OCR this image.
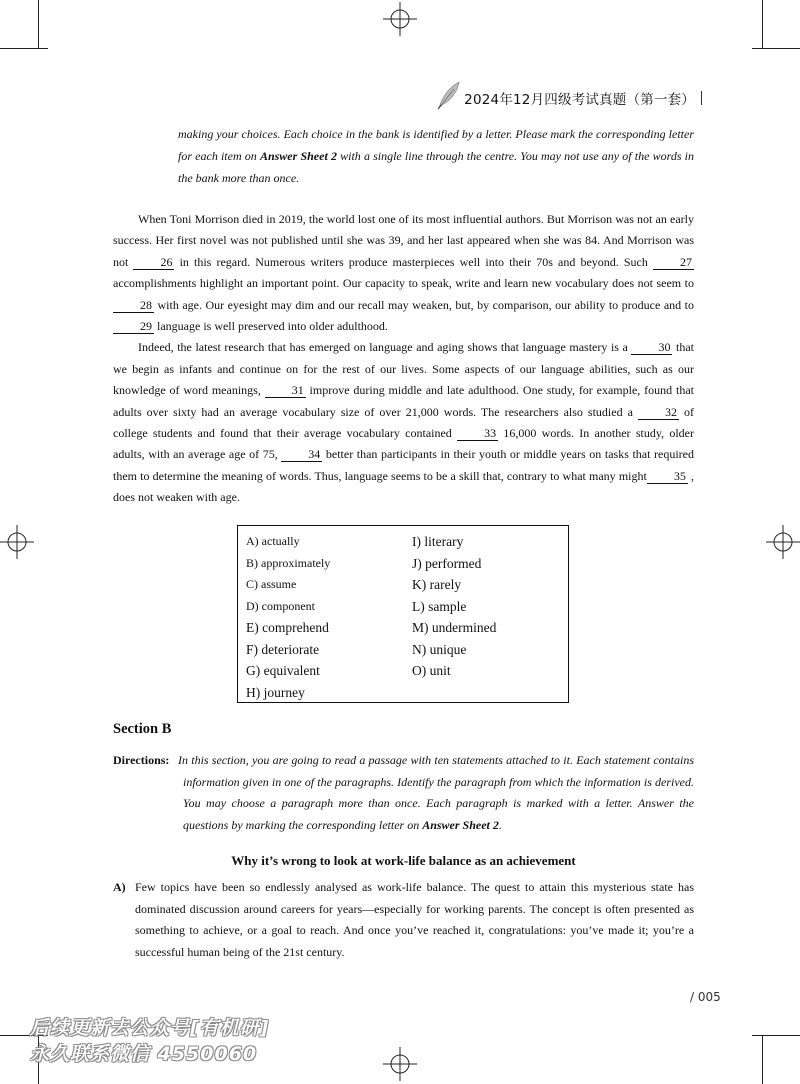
2024年12月四级考试真题（第一套）
making your choices. Each choice in the bank is identified by a letter. Please mark the corresponding letter for each item on Answer Sheet 2 with a single line through the centre. You may not use any of the words in the bank more than once.

When Toni Morrison died in 2019, the world lost one of its most influential authors. But Morrison was not an early success. Her first novel was not published until she was 39, and her last appeared when she was 84. And Morrison was not 26 in this regard. Numerous writers produce masterpieces well into their 70s and beyond. Such 27 accomplishments highlight an important point. Our capacity to speak, write and learn new vocabulary does not seem to 28 with age. Our eyesight may dim and our recall may weaken, but, by comparison, our ability to produce and to 29 language is well preserved into older adulthood.

Indeed, the latest research that has emerged on language and aging shows that language mastery is a 30 that we begin as infants and continue on for the rest of our lives. Some aspects of our language abilities, such as our knowledge of word meanings, 31 improve during middle and late adulthood. One study, for example, found that adults over sixty had an average vocabulary size of over 21,000 words. The researchers also studied a 32 of college students and found that their average vocabulary contained 33 16,000 words. In another study, older adults, with an average age of 75, 34 better than participants in their youth or middle years on tasks that required them to determine the meaning of words. Thus, language seems to be a skill that, contrary to what many might 35 , does not weaken with age.

A) actually
B) approximately
C) assume
D) component
E) comprehend
F) deteriorate
G) equivalent
H) journey
I) literary
J) performed
K) rarely
L) sample
M) undermined
N) unique
O) unit
Section B
Directions: In this section, you are going to read a passage with ten statements attached to it. Each statement contains information given in one of the paragraphs. Identify the paragraph from which the information is derived. You may choose a paragraph more than once. Each paragraph is marked with a letter. Answer the questions by marking the corresponding letter on Answer Sheet 2.
Why it’s wrong to look at work-life balance as an achievement
A) Few topics have been so endlessly analysed as work-life balance. The quest to attain this mysterious state has dominated discussion around careers for years—especially for working parents. The concept is often presented as something to achieve, or a goal to reach. And once you’ve reached it, congratulations: you’ve made it; you’re a successful human being of the 21st century.
/ 005
后续更新去公众号[有机研]
永久联系微信 4550060
